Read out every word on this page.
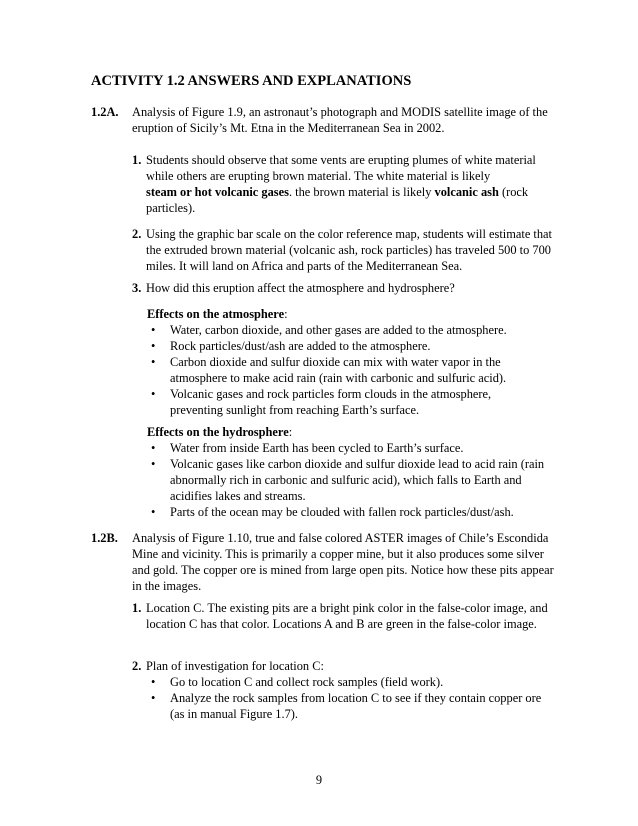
ACTIVITY 1.2 ANSWERS AND EXPLANATIONS
1.2A. Analysis of Figure 1.9, an astronaut’s photograph and MODIS satellite image of the eruption of Sicily’s Mt. Etna in the Mediterranean Sea in 2002.
1. Students should observe that some vents are erupting plumes of white material while others are erupting brown material. The white material is likely
steam or hot volcanic gases. the brown material is likely volcanic ash (rock particles).
2. Using the graphic bar scale on the color reference map, students will estimate that the extruded brown material (volcanic ash, rock particles) has traveled 500 to 700 miles. It will land on Africa and parts of the Mediterranean Sea.
3. How did this eruption affect the atmosphere and hydrosphere?
Effects on the atmosphere:
• Water, carbon dioxide, and other gases are added to the atmosphere.
• Rock particles/dust/ash are added to the atmosphere.
• Carbon dioxide and sulfur dioxide can mix with water vapor in the atmosphere to make acid rain (rain with carbonic and sulfuric acid).
• Volcanic gases and rock particles form clouds in the atmosphere, preventing sunlight from reaching Earth’s surface.
Effects on the hydrosphere:
• Water from inside Earth has been cycled to Earth’s surface.
• Volcanic gases like carbon dioxide and sulfur dioxide lead to acid rain (rain abnormally rich in carbonic and sulfuric acid), which falls to Earth and acidifies lakes and streams.
• Parts of the ocean may be clouded with fallen rock particles/dust/ash.
1.2B. Analysis of Figure 1.10, true and false colored ASTER images of Chile’s Escondida Mine and vicinity. This is primarily a copper mine, but it also produces some silver and gold. The copper ore is mined from large open pits. Notice how these pits appear in the images.
1. Location C. The existing pits are a bright pink color in the false-color image, and location C has that color. Locations A and B are green in the false-color image.
2. Plan of investigation for location C:
• Go to location C and collect rock samples (field work).
• Analyze the rock samples from location C to see if they contain copper ore (as in manual Figure 1.7).
9
